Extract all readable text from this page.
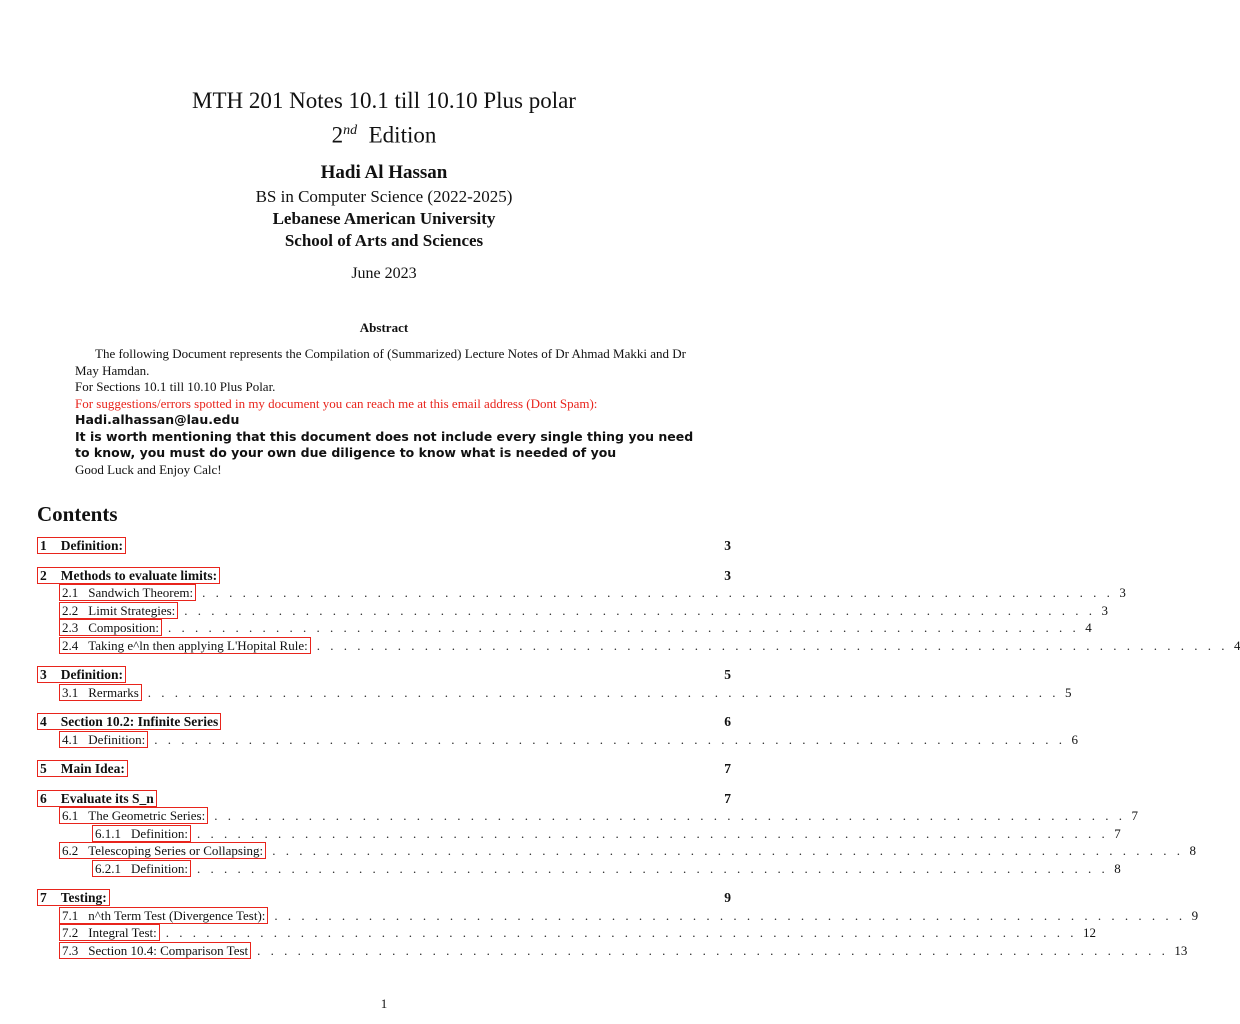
MTH 201 Notes 10.1 till 10.10 Plus polar
2nd Edition
Hadi Al Hassan
BS in Computer Science (2022-2025)
Lebanese American University
School of Arts and Sciences
June 2023
Abstract
The following Document represents the Compilation of (Summarized) Lecture Notes of Dr Ahmad Makki and Dr May Hamdan.
For Sections 10.1 till 10.10 Plus Polar.
For suggestions/errors spotted in my document you can reach me at this email address (Dont Spam):
Hadi.alhassan@lau.edu
It is worth mentioning that this document does not include every single thing you need to know, you must do your own due diligence to know what is needed of you
Good Luck and Enjoy Calc!
Contents
1 Definition:	3
2 Methods to evaluate limits:	3
2.1 Sandwich Theorem: . . . . . . . . . . . . . . . . . . . . . . . . . . . . . . . . . . . . . . . . . . . . . . . . . . . . . . . . . . . . . . . . . . . . 3
2.2 Limit Strategies: . . . . . . . . . . . . . . . . . . . . . . . . . . . . . . . . . . . . . . . . . . . . . . . . . . . . . . . . . . . . . . . . . . . . 3
2.3 Composition: . . . . . . . . . . . . . . . . . . . . . . . . . . . . . . . . . . . . . . . . . . . . . . . . . . . . . . . . . . . . . . . . . . . . 4
2.4 Taking e^ln then applying L'Hopital Rule: . . . . . . . . . . . . . . . . . . . . . . . . . . . . . . . . . . . . . . . . . . . . . . . . . . . . . . . . . . . . . . . . . . . . 4
3 Definition:	5
3.1 Rermarks . . . . . . . . . . . . . . . . . . . . . . . . . . . . . . . . . . . . . . . . . . . . . . . . . . . . . . . . . . . . . . . . . . . . 5
4 Section 10.2: Infinite Series	6
4.1 Definition: . . . . . . . . . . . . . . . . . . . . . . . . . . . . . . . . . . . . . . . . . . . . . . . . . . . . . . . . . . . . . . . . . . . . 6
5 Main Idea:	7
6 Evaluate its S_n	7
6.1 The Geometric Series: . . . . . . . . . . . . . . . . . . . . . . . . . . . . . . . . . . . . . . . . . . . . . . . . . . . . . . . . . . . . . . . . . . . . 7
6.1.1 Definition: . . . . . . . . . . . . . . . . . . . . . . . . . . . . . . . . . . . . . . . . . . . . . . . . . . . . . . . . . . . . . . . . . . . . 7
6.2 Telescoping Series or Collapsing: . . . . . . . . . . . . . . . . . . . . . . . . . . . . . . . . . . . . . . . . . . . . . . . . . . . . . . . . . . . . . . . . . . . . 8
6.2.1 Definition: . . . . . . . . . . . . . . . . . . . . . . . . . . . . . . . . . . . . . . . . . . . . . . . . . . . . . . . . . . . . . . . . . . . . 8
7 Testing:	9
7.1 n^th Term Test (Divergence Test): . . . . . . . . . . . . . . . . . . . . . . . . . . . . . . . . . . . . . . . . . . . . . . . . . . . . . . . . . . . . . . . . . . . . 9
7.2 Integral Test: . . . . . . . . . . . . . . . . . . . . . . . . . . . . . . . . . . . . . . . . . . . . . . . . . . . . . . . . . . . . . . . . . . . . 12
7.3 Section 10.4: Comparison Test . . . . . . . . . . . . . . . . . . . . . . . . . . . . . . . . . . . . . . . . . . . . . . . . . . . . . . . . . . . . . . . . . . . . 13
1
